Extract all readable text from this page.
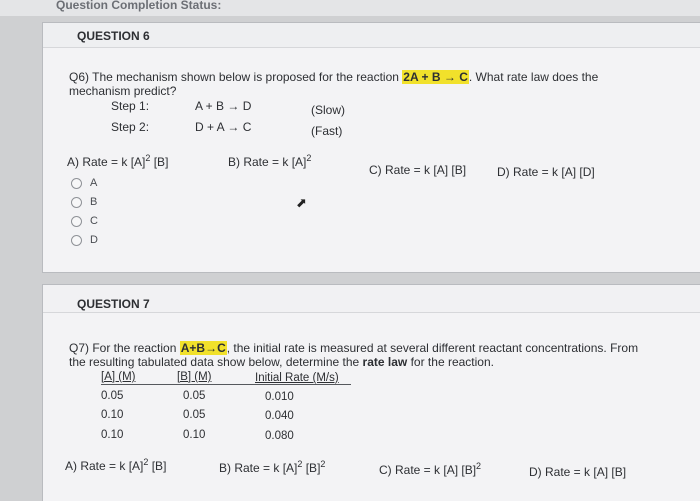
Question Completion Status:
QUESTION 6
Q6) The mechanism shown below is proposed for the reaction 2A + B → C. What rate law does the
mechanism predict?
Step 1:	A + B → D	(Slow)
Step 2:	D + A → C	(Fast)
A) Rate = k $[A]^2$ [B]	B) Rate = k $[A]^2$
C) Rate = k [A] [B]	D) Rate = k [A] [D]
A
B
C
D
⬈
QUESTION 7
Q7) For the reaction A+B→C, the initial rate is measured at several different reactant concentrations. From
the resulting tabulated data show below, determine the rate law for the reaction.
[A] (M)	[B] (M)	Initial Rate (M/s)
0.05	0.05	0.010
0.10	0.05	0.040
0.10	0.10	0.080
A) Rate = k $[A]^2$ [B]	B) Rate = k $[A]^2$ $[B]^2$	C) Rate = k [A] $[B]^2$	D) Rate = k [A] [B]
